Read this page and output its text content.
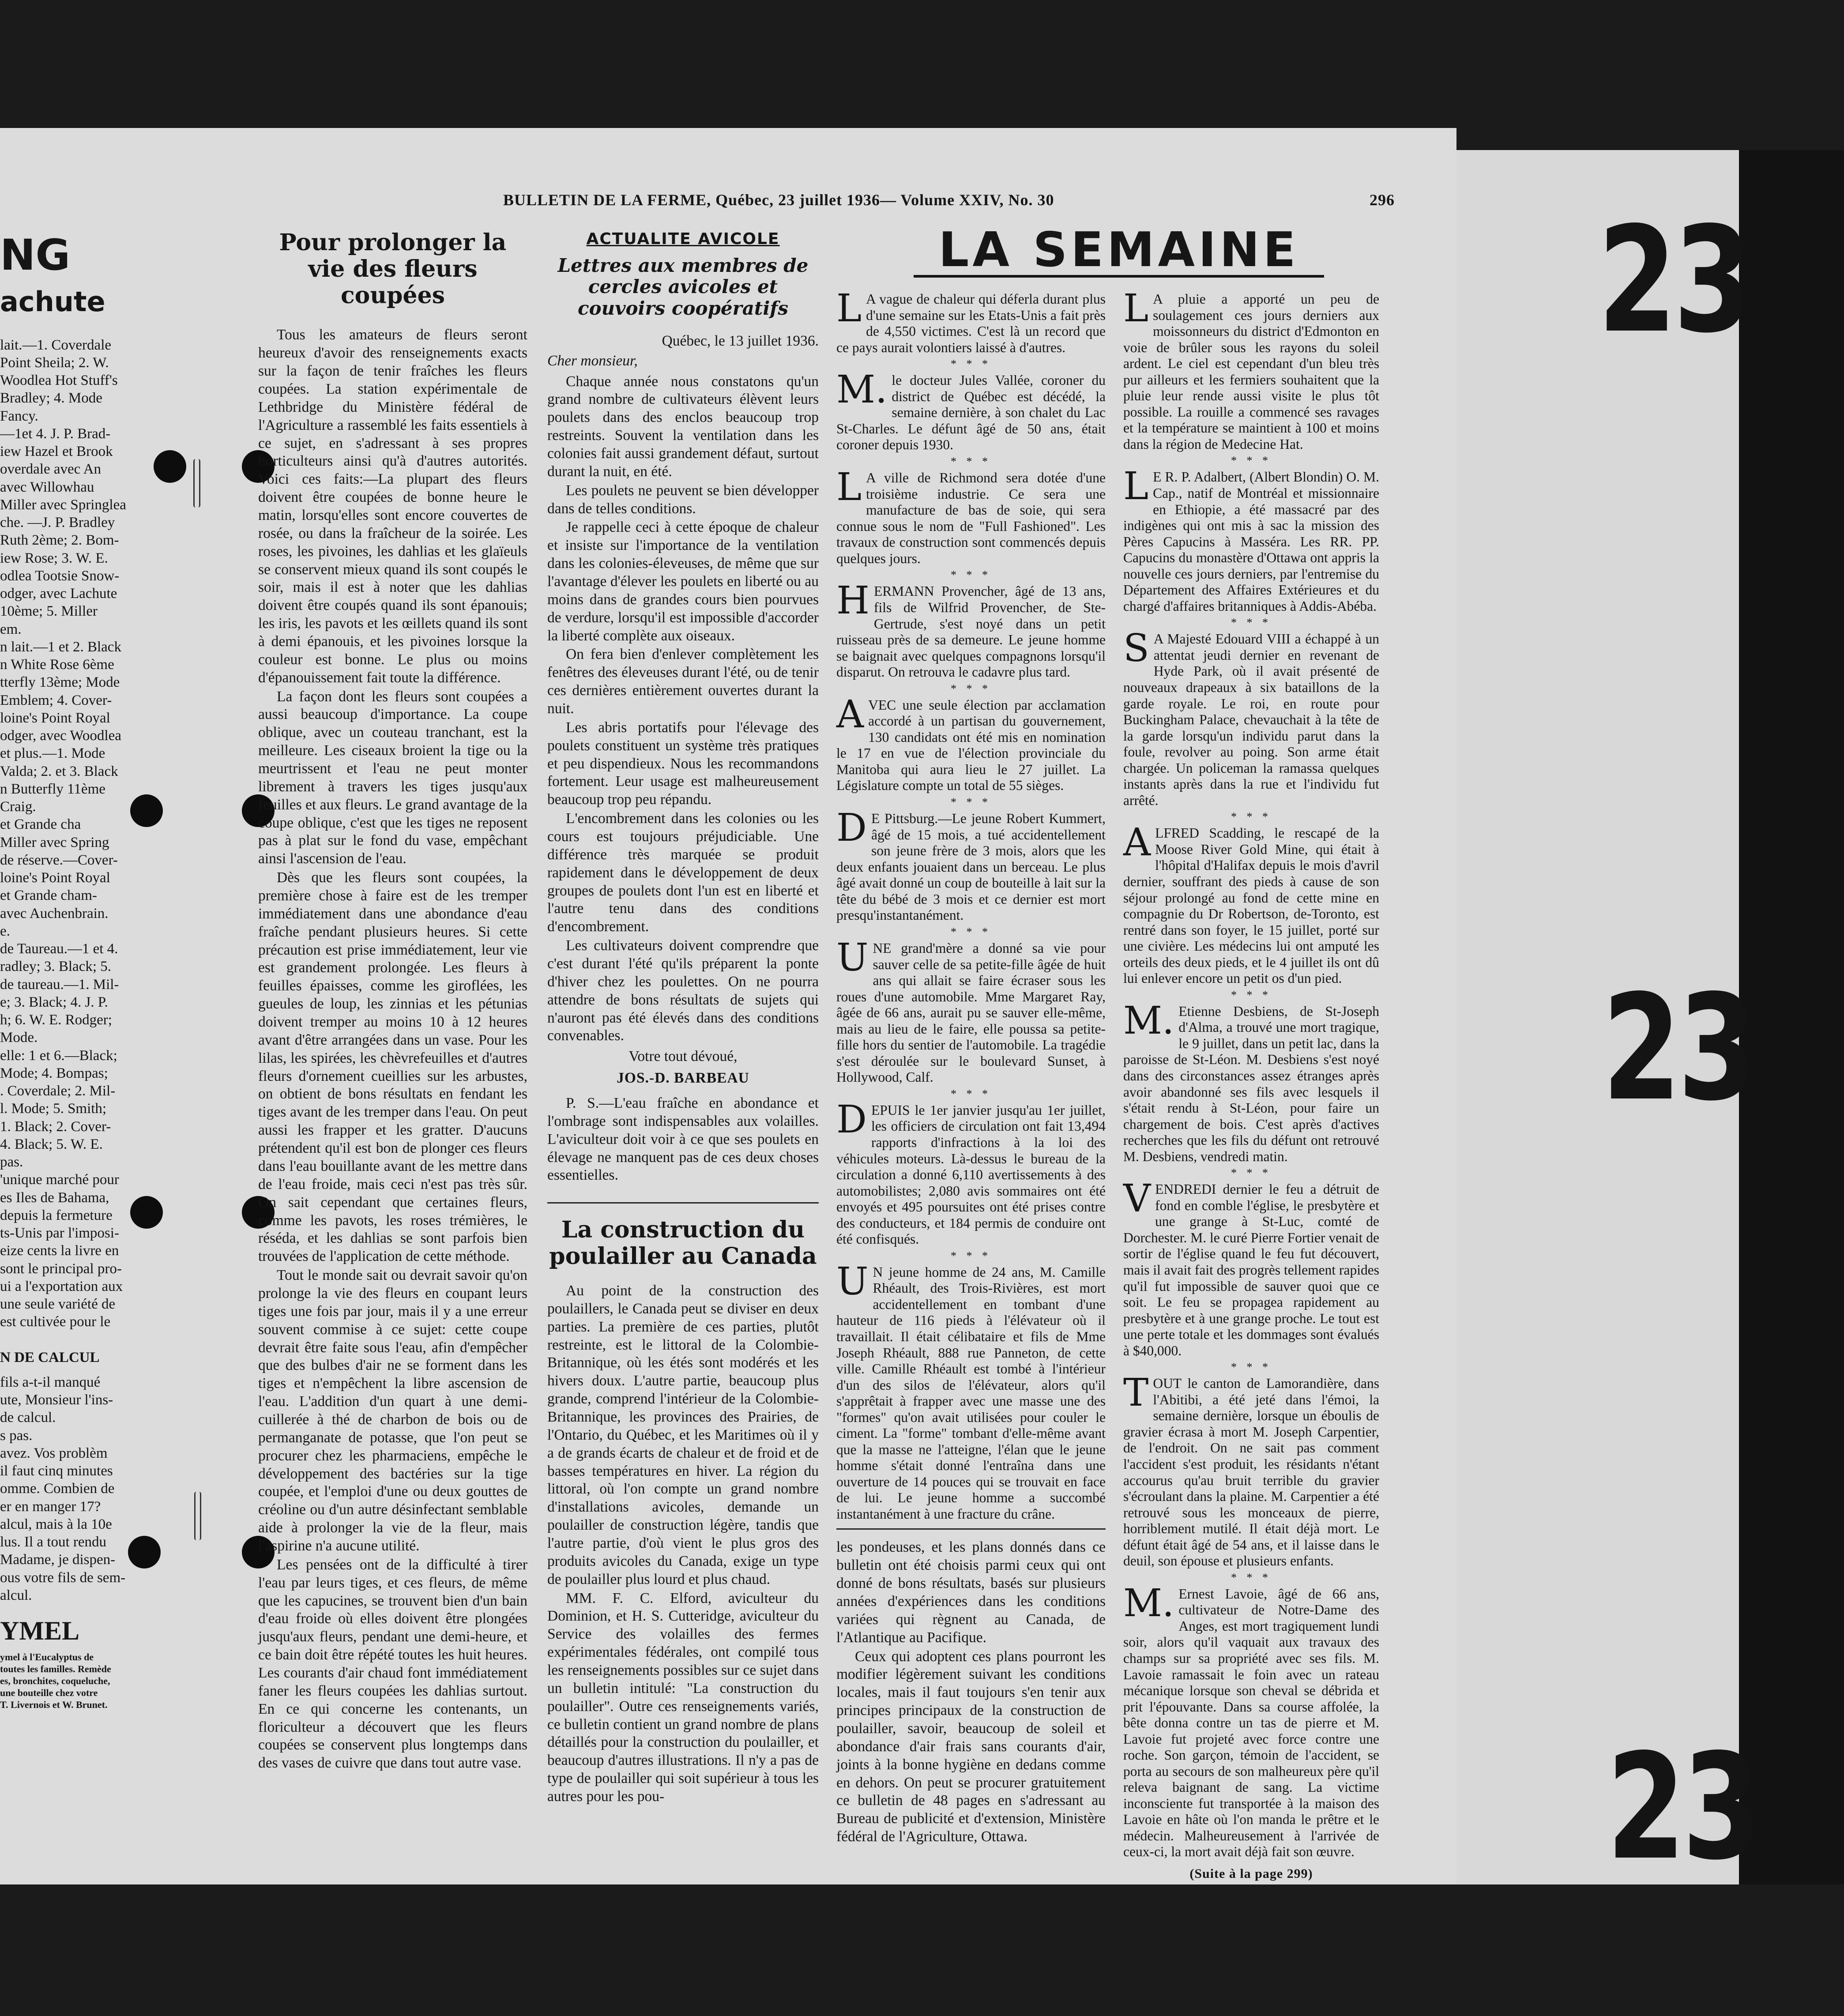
23
23
23
BULLETIN DE LA FERME, Québec, 23 juillet 1936— Volume XXIV, No. 30	296
NG
achute
lait.—1. Coverdale
Point Sheila; 2. W.
Woodlea Hot Stuff's
Bradley; 4. Mode
Fancy.
—1et 4. J. P. Brad-
iew Hazel et Brook
overdale avec An
avec Willowhau
Miller avec Springlea
che. —J. P. Bradley
Ruth 2ème; 2. Bom-
iew Rose; 3. W. E.
odlea Tootsie Snow-
odger, avec Lachute
10ème; 5. Miller
em.
n lait.—1 et 2. Black
n White Rose 6ème
tterfly 13ème; Mode
Emblem; 4. Cover-
loine's Point Royal
odger, avec Woodlea
et plus.—1. Mode
Valda; 2. et 3. Black
n Butterfly 11ème
Craig.
et Grande cha
Miller avec Spring
de réserve.—Cover-
loine's Point Royal
et Grande cham-
avec Auchenbrain.
e.
de Taureau.—1 et 4.
radley; 3. Black; 5.
de taureau.—1. Mil-
e; 3. Black; 4. J. P.
h; 6. W. E. Rodger;
Mode.
elle: 1 et 6.—Black;
Mode; 4. Bompas;
. Coverdale; 2. Mil-
l. Mode; 5. Smith;
1. Black; 2. Cover-
4. Black; 5. W. E.
pas.
'unique marché pour
es Iles de Bahama,
depuis la fermeture
ts-Unis par l'imposi-
eize cents la livre en
sont le principal pro-
ui a l'exportation aux
une seule variété de
est cultivée pour le
N DE CALCUL
fils a-t-il manqué
ute, Monsieur l'ins-
de calcul.
s pas.
avez. Vos problèm
il faut cinq minutes
omme. Combien de
er en manger 17?
alcul, mais à la 10e
lus. Il a tout rendu
Madame, je dispen-
ous votre fils de sem-
alcul.
YMEL
ymel à l'Eucalyptus de
toutes les familles. Remède
es, bronchites, coqueluche,
une bouteille chez votre
T. Livernois et W. Brunet.
Pour prolonger la vie des fleurs coupées

Tous les amateurs de fleurs seront heureux d'avoir des renseignements exacts sur la façon de tenir fraîches les fleurs coupées. La station expérimentale de Lethbridge du Ministère fédéral de l'Agriculture a rassemblé les faits essentiels à ce sujet, en s'adressant à ses propres horticulteurs ainsi qu'à d'autres autorités. Voici ces faits:—La plupart des fleurs doivent être coupées de bonne heure le matin, lorsqu'elles sont encore couvertes de rosée, ou dans la fraîcheur de la soirée. Les roses, les pivoines, les dahlias et les glaïeuls se conservent mieux quand ils sont coupés le soir, mais il est à noter que les dahlias doivent être coupés quand ils sont épanouis; les iris, les pavots et les œillets quand ils sont à demi épanouis, et les pivoines lorsque la couleur est bonne. Le plus ou moins d'épanouissement fait toute la différence.

La façon dont les fleurs sont coupées a aussi beaucoup d'importance. La coupe oblique, avec un couteau tranchant, est la meilleure. Les ciseaux broient la tige ou la meurtrissent et l'eau ne peut monter librement à travers les tiges jusqu'aux feuilles et aux fleurs. Le grand avantage de la coupe oblique, c'est que les tiges ne reposent pas à plat sur le fond du vase, empêchant ainsi l'ascension de l'eau.

Dès que les fleurs sont coupées, la première chose à faire est de les tremper immédiatement dans une abondance d'eau fraîche pendant plusieurs heures. Si cette précaution est prise immédiatement, leur vie est grandement prolongée. Les fleurs à feuilles épaisses, comme les giroflées, les gueules de loup, les zinnias et les pétunias doivent tremper au moins 10 à 12 heures avant d'être arrangées dans un vase. Pour les lilas, les spirées, les chèvrefeuilles et d'autres fleurs d'ornement cueillies sur les arbustes, on obtient de bons résultats en fendant les tiges avant de les tremper dans l'eau. On peut aussi les frapper et les gratter. D'aucuns prétendent qu'il est bon de plonger ces fleurs dans l'eau bouillante avant de les mettre dans de l'eau froide, mais ceci n'est pas très sûr. On sait cependant que certaines fleurs, comme les pavots, les roses trémières, le réséda, et les dahlias se sont parfois bien trouvées de l'application de cette méthode.

Tout le monde sait ou devrait savoir qu'on prolonge la vie des fleurs en coupant leurs tiges une fois par jour, mais il y a une erreur souvent commise à ce sujet: cette coupe devrait être faite sous l'eau, afin d'empêcher que des bulbes d'air ne se forment dans les tiges et n'empêchent la libre ascension de l'eau. L'addition d'un quart à une demi-cuillerée à thé de charbon de bois ou de permanganate de potasse, que l'on peut se procurer chez les pharmaciens, empêche le développement des bactéries sur la tige coupée, et l'emploi d'une ou deux gouttes de créoline ou d'un autre désinfectant semblable aide à prolonger la vie de la fleur, mais l'aspirine n'a aucune utilité.

Les pensées ont de la difficulté à tirer l'eau par leurs tiges, et ces fleurs, de même que les capucines, se trouvent bien d'un bain d'eau froide où elles doivent être plongées jusqu'aux fleurs, pendant une demi-heure, et ce bain doit être répété toutes les huit heures. Les courants d'air chaud font immédiatement faner les fleurs coupées les dahlias surtout. En ce qui concerne les contenants, un floriculteur a découvert que les fleurs coupées se conservent plus longtemps dans des vases de cuivre que dans tout autre vase.

ACTUALITE AVICOLE
Lettres aux membres de cercles avicoles et couvoirs coopératifs
Québec, le 13 juillet 1936.
Cher monsieur,

Chaque année nous constatons qu'un grand nombre de cultivateurs élèvent leurs poulets dans des enclos beaucoup trop restreints. Souvent la ventilation dans les colonies fait aussi grandement défaut, surtout durant la nuit, en été.

Les poulets ne peuvent se bien développer dans de telles conditions.

Je rappelle ceci à cette époque de chaleur et insiste sur l'importance de la ventilation dans les colonies-éleveuses, de même que sur l'avantage d'élever les poulets en liberté ou au moins dans de grandes cours bien pourvues de verdure, lorsqu'il est impossible d'accorder la liberté complète aux oiseaux.

On fera bien d'enlever complètement les fenêtres des éleveuses durant l'été, ou de tenir ces dernières entièrement ouvertes durant la nuit.

Les abris portatifs pour l'élevage des poulets constituent un système très pratiques et peu dispendieux. Nous les recommandons fortement. Leur usage est malheureusement beaucoup trop peu répandu.

L'encombrement dans les colonies ou les cours est toujours préjudiciable. Une différence très marquée se produit rapidement dans le développement de deux groupes de poulets dont l'un est en liberté et l'autre tenu dans des conditions d'encombrement.

Les cultivateurs doivent comprendre que c'est durant l'été qu'ils préparent la ponte d'hiver chez les poulettes. On ne pourra attendre de bons résultats de sujets qui n'auront pas été élevés dans des conditions convenables.

Votre tout dévoué,
JOS.-D. BARBEAU

P. S.—L'eau fraîche en abondance et l'ombrage sont indispensables aux volailles. L'aviculteur doit voir à ce que ses poulets en élevage ne manquent pas de ces deux choses essentielles.

La construction du poulailler au Canada

Au point de la construction des poulaillers, le Canada peut se diviser en deux parties. La première de ces parties, plutôt restreinte, est le littoral de la Colombie-Britannique, où les étés sont modérés et les hivers doux. L'autre partie, beaucoup plus grande, comprend l'intérieur de la Colombie-Britannique, les provinces des Prairies, de l'Ontario, du Québec, et les Maritimes où il y a de grands écarts de chaleur et de froid et de basses températures en hiver. La région du littoral, où l'on compte un grand nombre d'installations avicoles, demande un poulailler de construction légère, tandis que l'autre partie, d'où vient le plus gros des produits avicoles du Canada, exige un type de poulailler plus lourd et plus chaud.

MM. F. C. Elford, aviculteur du Dominion, et H. S. Cutteridge, aviculteur du Service des volailles des fermes expérimentales fédérales, ont compilé tous les renseignements possibles sur ce sujet dans un bulletin intitulé: "La construction du poulailler". Outre ces renseignements variés, ce bulletin contient un grand nombre de plans détaillés pour la construction du poulailler, et beaucoup d'autres illustrations. Il n'y a pas de type de poulailler qui soit supérieur à tous les autres pour les pou-

LA SEMAINE

L A vague de chaleur qui déferla durant plus d'une semaine sur les Etats-Unis a fait près de 4,550 victimes. C'est là un record que ce pays aurait volontiers laissé à d'autres.

* * *

M. le docteur Jules Vallée, coroner du district de Québec est décédé, la semaine dernière, à son chalet du Lac St-Charles. Le défunt âgé de 50 ans, était coroner depuis 1930.

* * *

L A ville de Richmond sera dotée d'une troisième industrie. Ce sera une manufacture de bas de soie, qui sera connue sous le nom de "Full Fashioned". Les travaux de construction sont commencés depuis quelques jours.

* * *

HERMANN Provencher, âgé de 13 ans, fils de Wilfrid Provencher, de Ste-Gertrude, s'est noyé dans un petit ruisseau près de sa demeure. Le jeune homme se baignait avec quelques compagnons lorsqu'il disparut. On retrouva le cadavre plus tard.

* * *

AVEC une seule élection par acclamation accordé à un partisan du gouvernement, 130 candidats ont été mis en nomination le 17 en vue de l'élection provinciale du Manitoba qui aura lieu le 27 juillet. La Législature compte un total de 55 sièges.

* * *

D E Pittsburg.—Le jeune Robert Kummert, âgé de 15 mois, a tué accidentellement son jeune frère de 3 mois, alors que les deux enfants jouaient dans un berceau. Le plus âgé avait donné un coup de bouteille à lait sur la tête du bébé de 3 mois et ce dernier est mort presqu'instantanément.

* * *

UNE grand'mère a donné sa vie pour sauver celle de sa petite-fille âgée de huit ans qui allait se faire écraser sous les roues d'une automobile. Mme Margaret Ray, âgée de 66 ans, aurait pu se sauver elle-même, mais au lieu de le faire, elle poussa sa petite-fille hors du sentier de l'automobile. La tragédie s'est déroulée sur le boulevard Sunset, à Hollywood, Calf.

* * *

DEPUIS le 1er janvier jusqu'au 1er juillet, les officiers de circulation ont fait 13,494 rapports d'infractions à la loi des véhicules moteurs. Là-dessus le bureau de la circulation a donné 6,110 avertissements à des automobilistes; 2,080 avis sommaires ont été envoyés et 495 poursuites ont été prises contre des conducteurs, et 184 permis de conduire ont été confisqués.

* * *

U N jeune homme de 24 ans, M. Camille Rhéault, des Trois-Rivières, est mort accidentellement en tombant d'une hauteur de 116 pieds à l'élévateur où il travaillait. Il était célibataire et fils de Mme Joseph Rhéault, 888 rue Panneton, de cette ville. Camille Rhéault est tombé à l'intérieur d'un des silos de l'élévateur, alors qu'il s'apprêtait à frapper avec une masse une des "formes" qu'on avait utilisées pour couler le ciment. La "forme" tombant d'elle-même avant que la masse ne l'atteigne, l'élan que le jeune homme s'était donné l'entraîna dans une ouverture de 14 pouces qui se trouvait en face de lui. Le jeune homme a succombé instantanément à une fracture du crâne.

les pondeuses, et les plans donnés dans ce bulletin ont été choisis parmi ceux qui ont donné de bons résultats, basés sur plusieurs années d'expériences dans les conditions variées qui règnent au Canada, de l'Atlantique au Pacifique.

Ceux qui adoptent ces plans pourront les modifier légèrement suivant les conditions locales, mais il faut toujours s'en tenir aux principes principaux de la construction de poulailler, savoir, beaucoup de soleil et abondance d'air frais sans courants d'air, joints à la bonne hygiène en dedans comme en dehors. On peut se procurer gratuitement ce bulletin de 48 pages en s'adressant au Bureau de publicité et d'extension, Ministère fédéral de l'Agriculture, Ottawa.

L A pluie a apporté un peu de soulagement ces jours derniers aux moissonneurs du district d'Edmonton en voie de brûler sous les rayons du soleil ardent. Le ciel est cependant d'un bleu très pur ailleurs et les fermiers souhaitent que la pluie leur rende aussi visite le plus tôt possible. La rouille a commencé ses ravages et la température se maintient à 100 et moins dans la région de Medecine Hat.

* * *

L E R. P. Adalbert, (Albert Blondin) O. M. Cap., natif de Montréal et missionnaire en Ethiopie, a été massacré par des indigènes qui ont mis à sac la mission des Pères Capucins à Masséra. Les RR. PP. Capucins du monastère d'Ottawa ont appris la nouvelle ces jours derniers, par l'entremise du Département des Affaires Extérieures et du chargé d'affaires britanniques à Addis-Abéba.

* * *

S A Majesté Edouard VIII a échappé à un attentat jeudi dernier en revenant de Hyde Park, où il avait présenté de nouveaux drapeaux à six bataillons de la garde royale. Le roi, en route pour Buckingham Palace, chevauchait à la tête de la garde lorsqu'un individu parut dans la foule, revolver au poing. Son arme était chargée. Un policeman la ramassa quelques instants après dans la rue et l'individu fut arrêté.

* * *

ALFRED Scadding, le rescapé de la Moose River Gold Mine, qui était à l'hôpital d'Halifax depuis le mois d'avril dernier, souffrant des pieds à cause de son séjour prolongé au fond de cette mine en compagnie du Dr Robertson, de-Toronto, est rentré dans son foyer, le 15 juillet, porté sur une civière. Les médecins lui ont amputé les orteils des deux pieds, et le 4 juillet ils ont dû lui enlever encore un petit os d'un pied.

* * *

M. Etienne Desbiens, de St-Joseph d'Alma, a trouvé une mort tragique, le 9 juillet, dans un petit lac, dans la paroisse de St-Léon. M. Desbiens s'est noyé dans des circonstances assez étranges après avoir abandonné ses fils avec lesquels il s'était rendu à St-Léon, pour faire un chargement de bois. C'est après d'actives recherches que les fils du défunt ont retrouvé M. Desbiens, vendredi matin.

* * *

VENDREDI dernier le feu a détruit de fond en comble l'église, le presbytère et une grange à St-Luc, comté de Dorchester. M. le curé Pierre Fortier venait de sortir de l'église quand le feu fut découvert, mais il avait fait des progrès tellement rapides qu'il fut impossible de sauver quoi que ce soit. Le feu se propagea rapidement au presbytère et à une grange proche. Le tout est une perte totale et les dommages sont évalués à $40,000.

* * *

TOUT le canton de Lamorandière, dans l'Abitibi, a été jeté dans l'émoi, la semaine dernière, lorsque un éboulis de gravier écrasa à mort M. Joseph Carpentier, de l'endroit. On ne sait pas comment l'accident s'est produit, les résidants n'étant accourus qu'au bruit terrible du gravier s'écroulant dans la plaine. M. Carpentier a été retrouvé sous les monceaux de pierre, horriblement mutilé. Il était déjà mort. Le défunt était âgé de 54 ans, et il laisse dans le deuil, son épouse et plusieurs enfants.

* * *

M. Ernest Lavoie, âgé de 66 ans, cultivateur de Notre-Dame des Anges, est mort tragiquement lundi soir, alors qu'il vaquait aux travaux des champs sur sa propriété avec ses fils. M. Lavoie ramassait le foin avec un rateau mécanique lorsque son cheval se débrida et prit l'épouvante. Dans sa course affolée, la bête donna contre un tas de pierre et M. Lavoie fut projeté avec force contre une roche. Son garçon, témoin de l'accident, se porta au secours de son malheureux père qu'il releva baignant de sang. La victime inconsciente fut transportée à la maison des Lavoie en hâte où l'on manda le prêtre et le médecin. Malheureusement à l'arrivée de ceux-ci, la mort avait déjà fait son œuvre.

(Suite à la page 299)
